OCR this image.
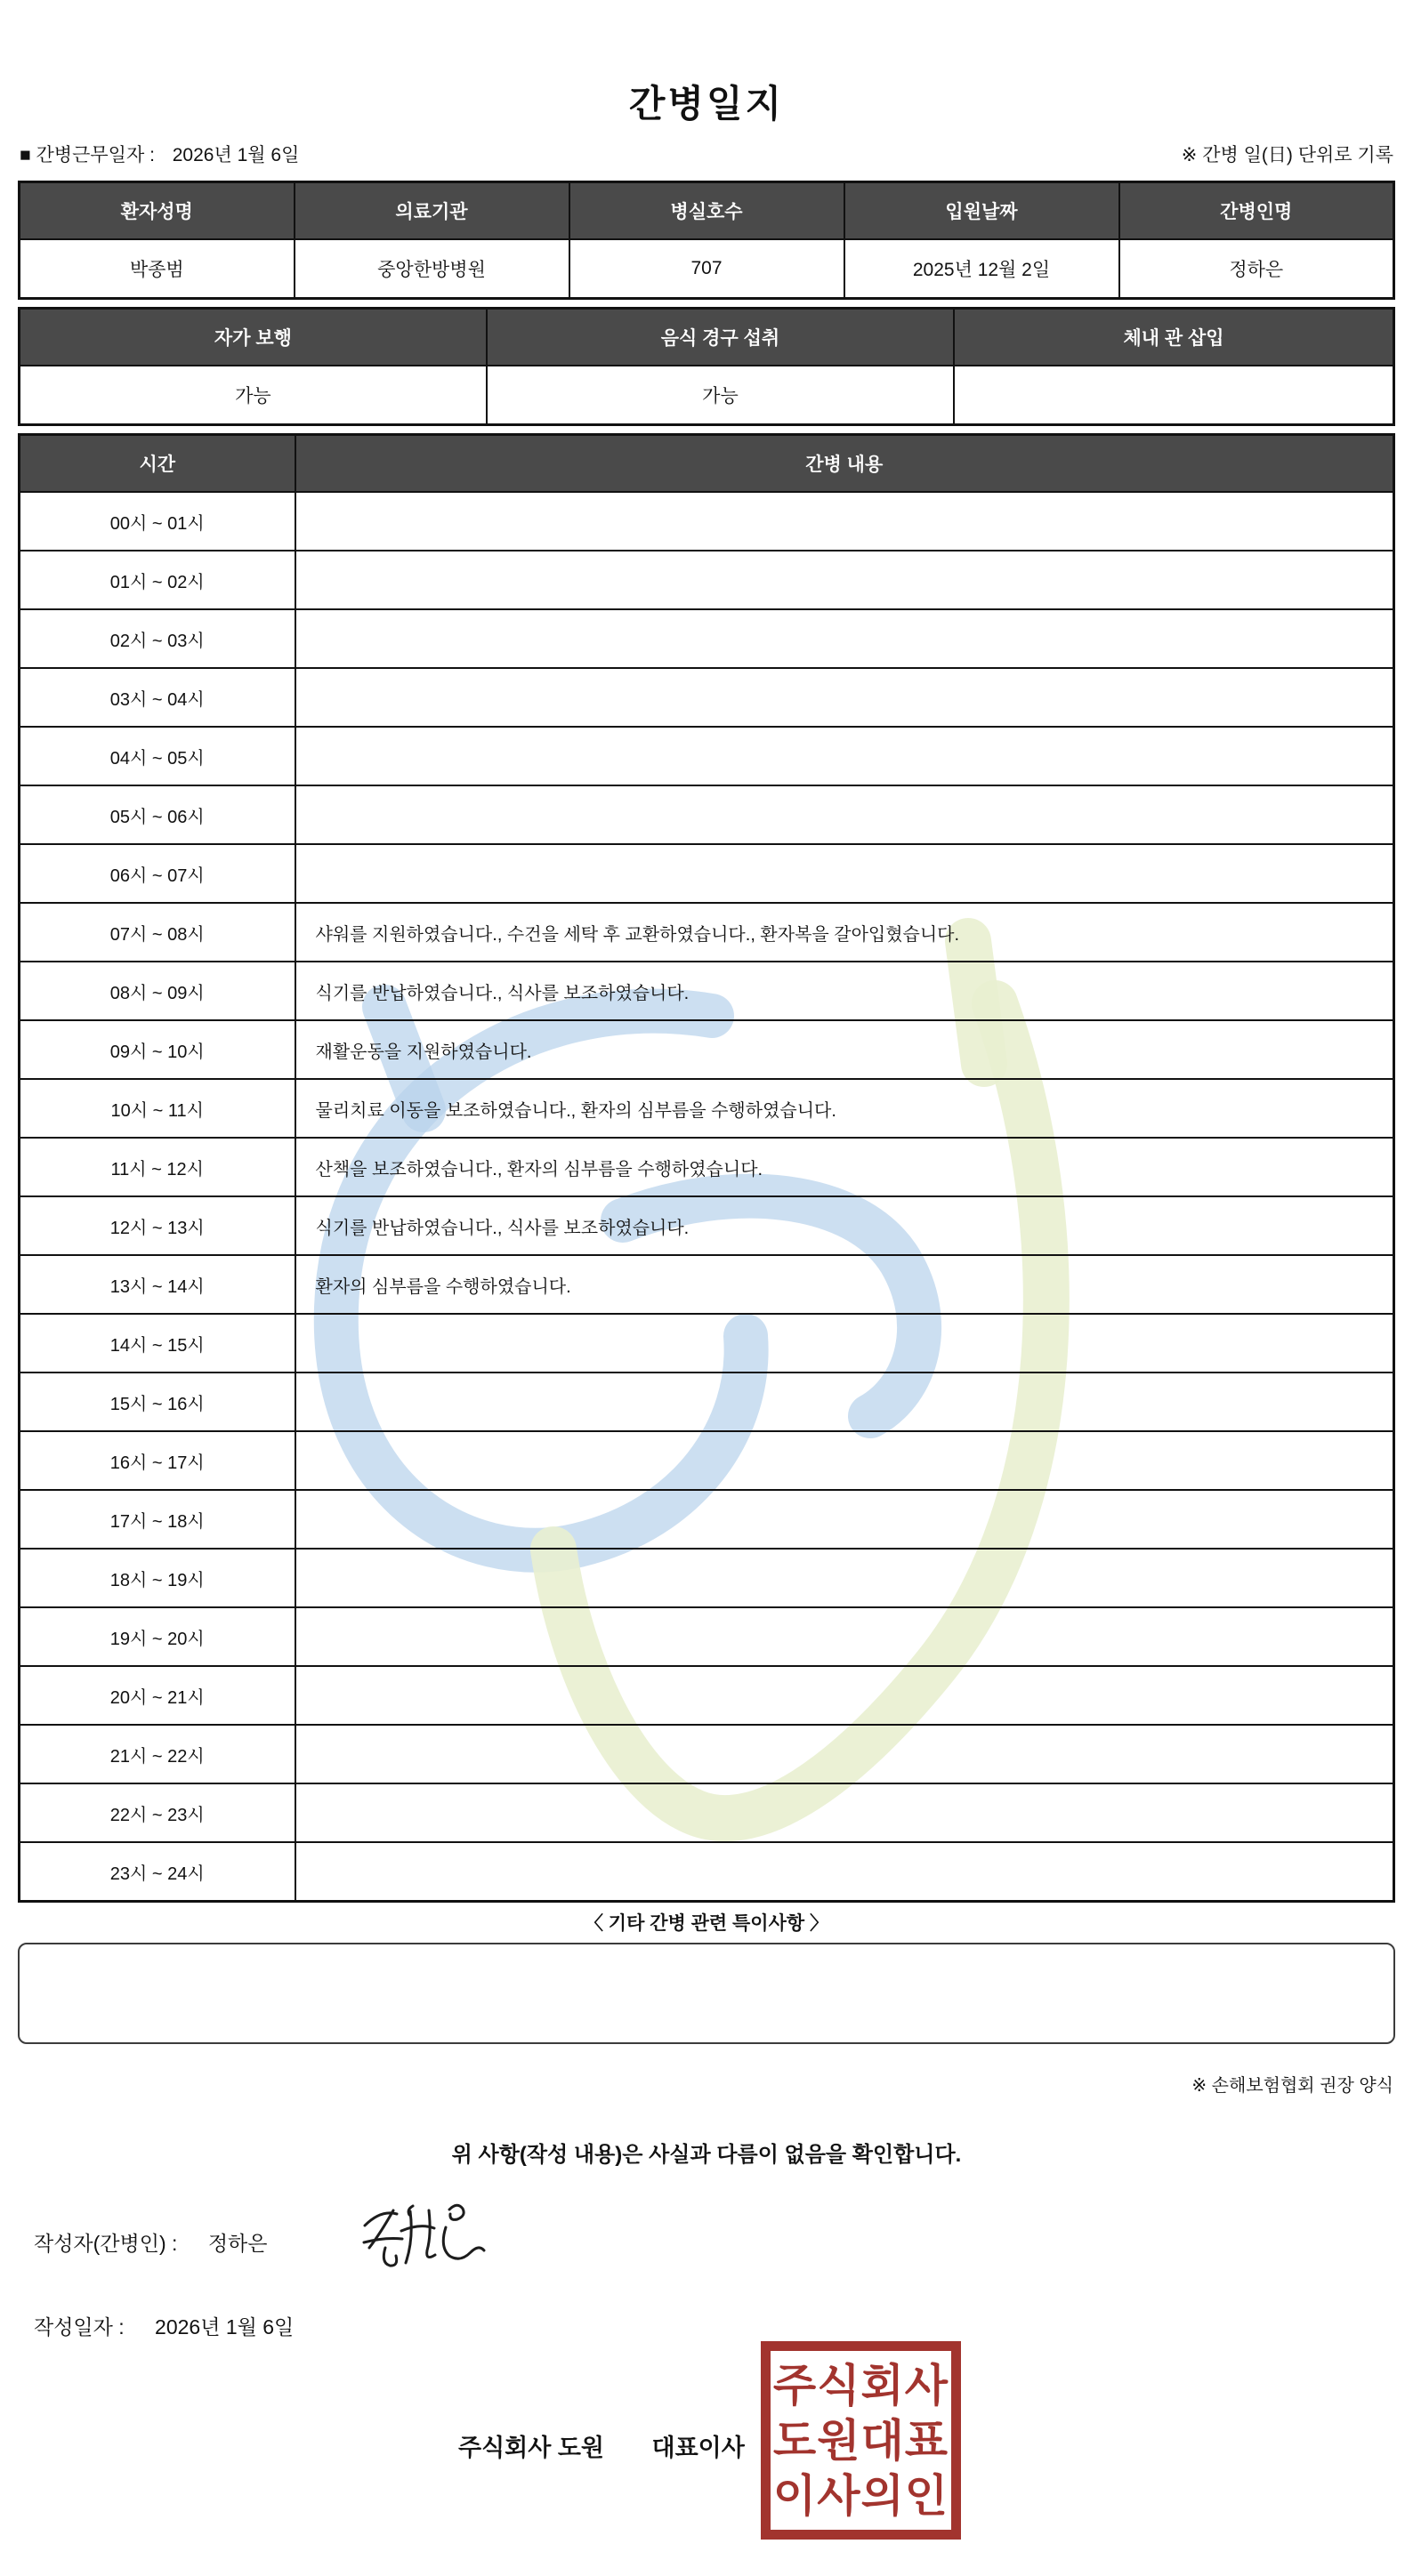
간병일지
■ 간병근무일자 : 2026년 1월 6일	※ 간병 일(日) 단위로 기록
환자성명	의료기관	병실호수	입원날짜	간병인명
박종범	중앙한방병원	707	2025년 12월 2일	정하은
자가 보행	음식 경구 섭취	체내 관 삽입
가능	가능	
시간	간병 내용
00시 ~ 01시	
01시 ~ 02시	
02시 ~ 03시	
03시 ~ 04시	
04시 ~ 05시	
05시 ~ 06시	
06시 ~ 07시	
07시 ~ 08시	샤워를 지원하였습니다., 수건을 세탁 후 교환하였습니다., 환자복을 갈아입혔습니다.
08시 ~ 09시	식기를 반납하였습니다., 식사를 보조하였습니다.
09시 ~ 10시	재활운동을 지원하였습니다.
10시 ~ 11시	물리치료 이동을 보조하였습니다., 환자의 심부름을 수행하였습니다.
11시 ~ 12시	산책을 보조하였습니다., 환자의 심부름을 수행하였습니다.
12시 ~ 13시	식기를 반납하였습니다., 식사를 보조하였습니다.
13시 ~ 14시	환자의 심부름을 수행하였습니다.
14시 ~ 15시	
15시 ~ 16시	
16시 ~ 17시	
17시 ~ 18시	
18시 ~ 19시	
19시 ~ 20시	
20시 ~ 21시	
21시 ~ 22시	
22시 ~ 23시	
23시 ~ 24시	
〈 기타 간병 관련 특이사항 〉
※ 손해보험협회 권장 양식
위 사항(작성 내용)은 사실과 다름이 없음을 확인합니다.
작성자(간병인) : 정하은
작성일자 : 2026년 1월 6일
주식회사 도원 대표이사
주식회사
도원대표
이사의인
